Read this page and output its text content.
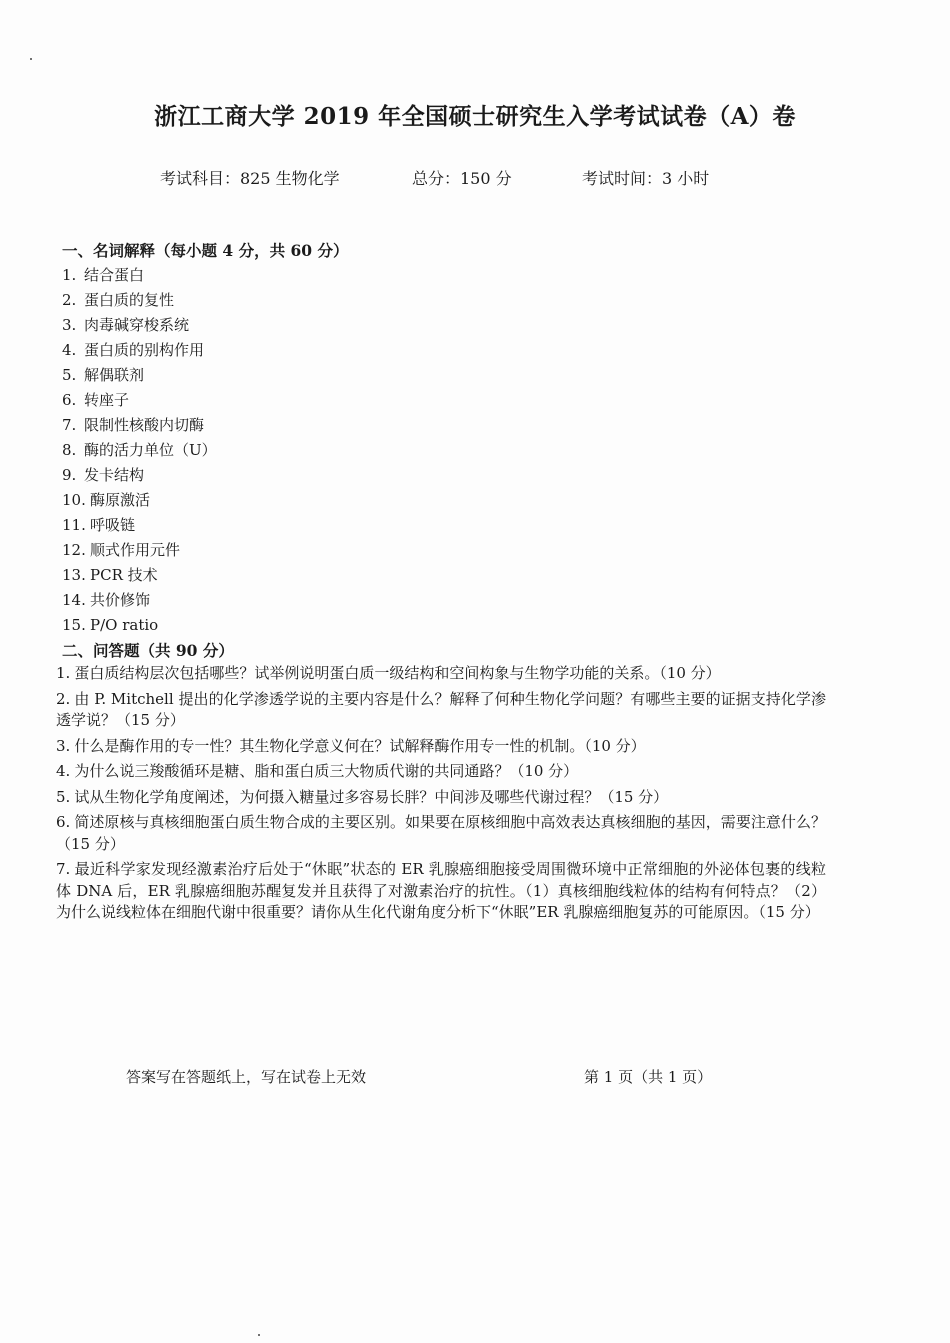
浙江工商大学 2019 年全国硕士研究生入学考试试卷（A）卷
考试科目：825 生物化学	总分：150 分	考试时间：3 小时
一、名词解释（每小题 4 分，共 60 分）
1. 结合蛋白
2. 蛋白质的复性
3. 肉毒碱穿梭系统
4. 蛋白质的别构作用
5. 解偶联剂
6. 转座子
7. 限制性核酸内切酶
8. 酶的活力单位（U）
9. 发卡结构
10. 酶原激活
11. 呼吸链
12. 顺式作用元件
13. PCR 技术
14. 共价修饰
15. P/O ratio
二、问答题（共 90 分）
1. 蛋白质结构层次包括哪些？试举例说明蛋白质一级结构和空间构象与生物学功能的关系。（10 分）
2. 由 P. Mitchell 提出的化学渗透学说的主要内容是什么？解释了何种生物化学问题？有哪些主要的证据支持化学渗透学说？（15 分）
3. 什么是酶作用的专一性？其生物化学意义何在？试解释酶作用专一性的机制。（10 分）
4. 为什么说三羧酸循环是糖、脂和蛋白质三大物质代谢的共同通路？（10 分）
5. 试从生物化学角度阐述，为何摄入糖量过多容易长胖？中间涉及哪些代谢过程？（15 分）
6. 简述原核与真核细胞蛋白质生物合成的主要区别。如果要在原核细胞中高效表达真核细胞的基因，需要注意什么？（15 分）
7. 最近科学家发现经激素治疗后处于“休眠”状态的 ER 乳腺癌细胞接受周围微环境中正常细胞的外泌体包裹的线粒体 DNA 后，ER 乳腺癌细胞苏醒复发并且获得了对激素治疗的抗性。（1）真核细胞线粒体的结构有何特点？（2）为什么说线粒体在细胞代谢中很重要？请你从生化代谢角度分析下“休眠”ER 乳腺癌细胞复苏的可能原因。（15 分）
答案写在答题纸上，写在试卷上无效	第 1 页（共 1 页）
